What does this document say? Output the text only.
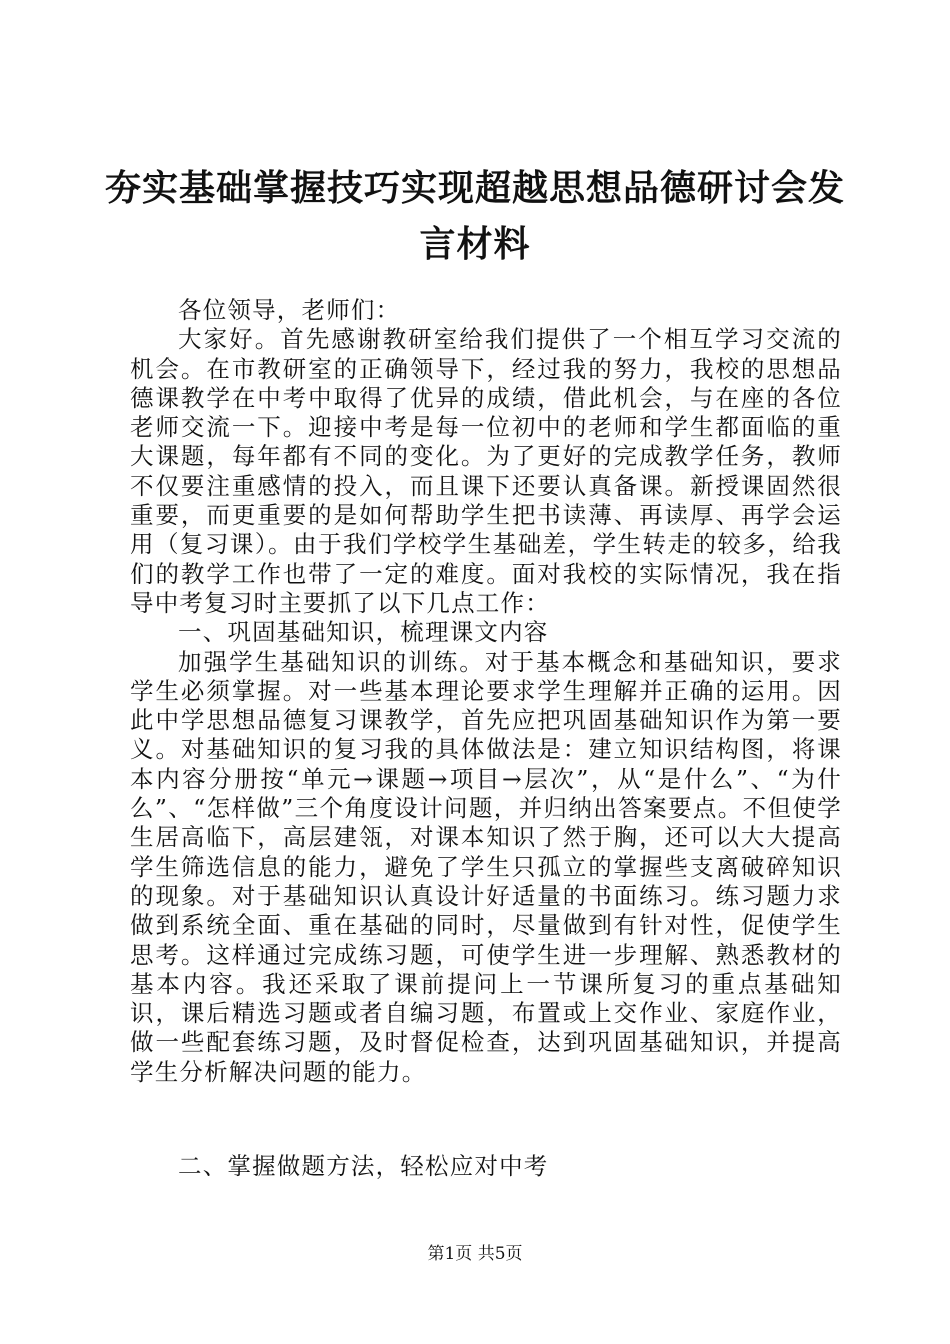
夯实基础掌握技巧实现超越思想品德研讨会发言材料

各位领导，老师们：

大家好。首先感谢教研室给我们提供了一个相互学习交流的机会。在市教研室的正确领导下，经过我的努力，我校的思想品德课教学在中考中取得了优异的成绩，借此机会，与在座的各位老师交流一下。迎接中考是每一位初中的老师和学生都面临的重大课题，每年都有不同的变化。为了更好的完成教学任务，教师不仅要注重感情的投入，而且课下还要认真备课。新授课固然很重要，而更重要的是如何帮助学生把书读薄、再读厚、再学会运用（复习课）。由于我们学校学生基础差，学生转走的较多，给我们的教学工作也带了一定的难度。面对我校的实际情况，我在指导中考复习时主要抓了以下几点工作：

一、巩固基础知识，梳理课文内容

加强学生基础知识的训练。对于基本概念和基础知识，要求学生必须掌握。对一些基本理论要求学生理解并正确的运用。因此中学思想品德复习课教学，首先应把巩固基础知识作为第一要义。对基础知识的复习我的具体做法是：建立知识结构图，将课本内容分册按“单元→课题→项目→层次”，从“是什么”、“为什么”、“怎样做”三个角度设计问题，并归纳出答案要点。不但使学生居高临下，高层建瓴，对课本知识了然于胸，还可以大大提高学生筛选信息的能力，避免了学生只孤立的掌握些支离破碎知识的现象。对于基础知识认真设计好适量的书面练习。练习题力求做到系统全面、重在基础的同时，尽量做到有针对性，促使学生思考。这样通过完成练习题，可使学生进一步理解、熟悉教材的基本内容。我还采取了课前提问上一节课所复习的重点基础知识，课后精选习题或者自编习题，布置或上交作业、家庭作业，做一些配套练习题，及时督促检查，达到巩固基础知识，并提高学生分析解决问题的能力。

二、掌握做题方法，轻松应对中考

第1页 共5页
